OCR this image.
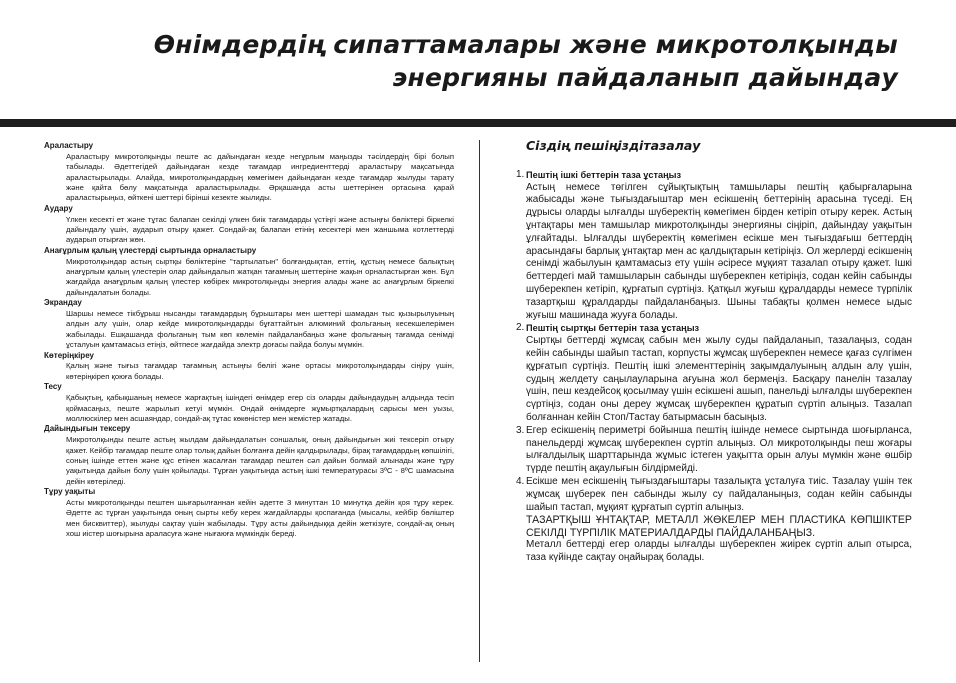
Өнімдердің сипаттамалары және микротолқынды
энергияны пайдаланып дайындау
Араластыру
Араластыру микротолқынды пеште ас дайындаған кезде негұрлым маңызды тәсілдердің бірі болып табылады. Әдеттегідей дайындаған кезде тағамдар ингредиенттерді араластыру мақсатында араластырылады. Алайда, микротолқындардың көмегімен дайындаған кезде тағамдар жылуды тарату және қайта бөлу мақсатында араластырылады. Әрқашанда асты шеттерінен ортасына қарай араластырыңыз, өйткені шеттері бірінші кезекте жылиды.
Аудару
Үлкен кесекті ет және тұтас балапан секілді үлкен биік тағамдарды үстіңгі және астыңғы бөліктері біркелкі дайындалу үшін, аударып отыру қажет. Сондай-ақ балапан етінің кесектері мен жаншыма котлеттерді аударып отырған жөн.
Анағұрлым қалың үлестерді сыртында орналастыру
Микротолқындар астың сыртқы бөліктеріне "тартылатын" болғандықтан, еттің, құстың немесе балықтың анағұрлым қалың үлестерін олар дайындалып жатқан тағамның шеттеріне жақын орналастырған жөн. Бұл жағдайда анағұрлым қалың үлестер көбірек микротолқынды энергия алады және ас анағұрлым біркелкі дайындалатын болады.
Экрандау
Шаршы немесе тікбұрыш нысанды тағамдардың бұрыштары мен шеттері шамадан тыс қызырылуының алдын алу үшін, олар кейде микротолқындарды бұғаттайтын алюминий фольганың кесекшелерімен жабылады. Ешқашанда фольганың тым көп көлемін пайдаланбаңыз және фольганың тағамда сенімді ұсталуын қамтамасыз етіңіз, өйтпесе жағдайда электр доғасы пайда болуы мүмкін.
Көтеріңкіреу
Қалың және тығыз тағамдар тағамның астыңғы бөлігі және ортасы микротолқындарды сіңіру үшін, көтеріңкіреп қоюға болады.
Тесу
Қабықтың, қабықшаның немесе жарғақтың ішіндегі өнімдер егер сіз оларды дайындаудың алдында тесіп қоймасаңыз, пеште жарылып кетуі мүмкін. Ондай өнімдерге жұмыртқалардың сарысы мен уызы, моллюскілер мен асшаяндар, сондай-ақ тұтас көкөністер мен жемістер жатады.
Дайындығын тексеру
Микротолқынды пеште астың жылдам дайындалатын соншалық, оның дайындығын жиі тексеріп отыру қажет. Кейбір тағамдар пеште олар толық дайын болғанға дейін қалдырылады, бірақ тағамдардың көпшілігі, соның ішінде еттен және құс етінен жасалған тағамдар пештен сәл дайын болмай алынады және тұру уақытында дайын болу үшін қойылады. Тұрған уақытында астың ішкі температурасы 3ºС - 8ºС шамасына дейін көтеріледі.
Тұру уақыты
Асты микротолқынды пештен шығарылғаннан кейін әдетте 3 минуттан 10 минутқа дейін қоя тұру керек. Әдетте ас тұрған уақытында оның сырты кебу керек жағдайларды қоспағанда (мысалы, кейбір бөліштер мен бисквиттер), жылуды сақтау үшін жабылады. Тұру асты дайындыққа дейін жеткізуге, сондай-ақ оның хош иістер шоғырына араласуға және нығаюға мүмкіндік береді.
Сіздің пешіңіздітазалау
1. Пештің ішкі беттерін таза ұстаңыз
Астың немесе төгілген сұйықтықтың тамшылары пештің қабырғаларына жабысады және тығыздағыштар мен есікшенің беттерінің арасына түседі. Ең дұрысы оларды ылғалды шүберектің көмегімен бірден кетіріп отыру керек. Астың ұнтақтары мен тамшылар микротолқынды энергияны сіңіріп, дайындау уақытын ұлғайтады. Ылғалды шүберектің көмегімен есікше мен тығыздағыш беттердің арасындағы барлық ұнтақтар мен ас қалдықтарын кетіріңіз. Ол жерлерді есікшенің сенімді жабылуын қамтамасыз ету үшін әсіресе мұқият тазалап отыру қажет. Ішкі беттердегі май тамшыларын сабынды шүберекпен кетіріңіз, содан кейін сабынды шүберекпен кетіріп, құрғатып сүртіңіз. Қатқыл жуғыш құралдарды немесе түрпілік тазартқыш құралдарды пайдаланбаңыз. Шыны табақты қолмен немесе ыдыс жуғыш машинада жууға болады.
2. Пештің сыртқы беттерін таза ұстаңыз
Сыртқы беттерді жұмсақ сабын мен жылу суды пайдаланып, тазалаңыз, содан кейін сабынды шайып тастап, корпусты жұмсақ шүберекпен немесе қағаз сүлгімен құрғатып сүртіңіз. Пештің ішкі элементтерінің зақымдалуының алдын алу үшін, судың желдету саңылауларына ағуына жол бермеңіз. Басқару панелін тазалау үшін, пеш кездейсоқ қосылмау үшін есікшені ашып, панельді ылғалды шүберекпен сүртіңіз, содан оны дереу жұмсақ шүберекпен құратып сүртіп алыңыз. Тазалап болғаннан кейін Стоп/Тастау батырмасын басыңыз.
3. Егер есікшенің периметрі бойынша пештің ішінде немесе сыртында шоғырланса, панельдерді жұмсақ шүберекпен сүртіп алыңыз. Ол микротолқынды пеш жоғары ылғалдылық шарттарында жұмыс істеген уақытта орын алуы мүмкін және өшбір түрде пештің ақаулығын білдірмейді.
4. Есікше мен есікшенің тығыздағыштары тазалықта ұсталуға тиіс. Тазалау үшін тек жұмсақ шүберек пен сабынды жылу су пайдаланыңыз, содан кейін сабынды шайып тастап, мұқият құрғатып сүртіп алыңыз.
ТАЗАРТҚЫШ ҰНТАҚТАР, МЕТАЛЛ ЖӨКЕЛЕР МЕН ПЛАСТИКА КӨПШІКТЕР СЕКІЛДІ ТҮРПІЛІК МАТЕРИАЛДАРДЫ ПАЙДАЛАНБАҢЫЗ.
Металл беттерді егер оларды ылғалды шүберекпен жиірек сүртіп алып отырса, таза күйінде сақтау оңайырақ болады.
